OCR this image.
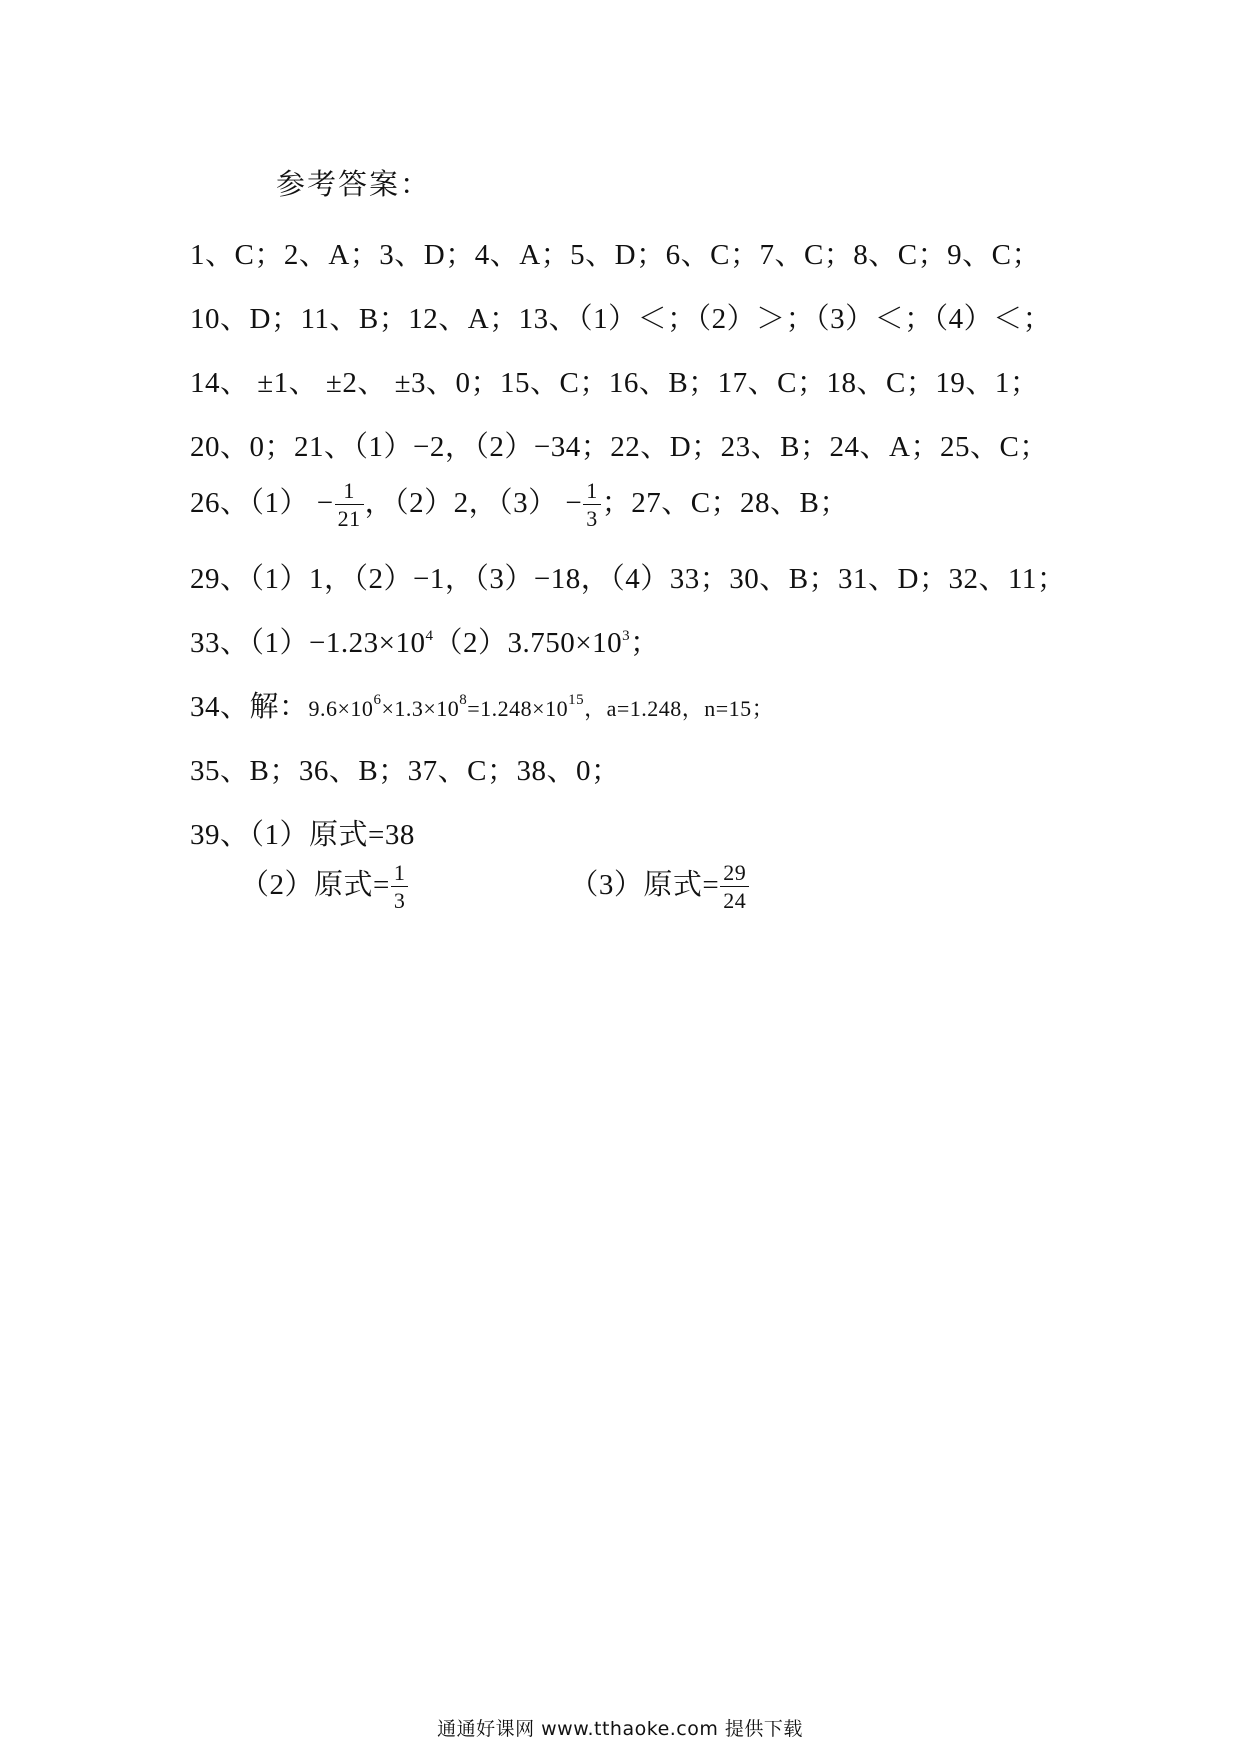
参考答案：
1、C；2、A；3、D；4、A；5、D；6、C；7、C；8、C；9、C；
10、D；11、B；12、A；13、（1）＜；（2）＞；（3）＜；（4）＜；
14、 ±1、 ±2、 ±3、0；15、C；16、B；17、C；18、C；19、1；
20、0；21、（1）−2，（2）−34；22、D；23、B；24、A；25、C；
26、$(1) - \frac{1}{21}$ ，（2）2，$(3) - \frac{1}{3}$ ；27、C；28、B；
29、（1）1，（2）−1，（3）−18，（4）33；30、B；31、D；32、11；
33、$(1)-1.23\times 10^4(2)3.750\times 10^3$；
34、解：$9.6\times 10^6\times 1.3\times 10^8=1.248\times 10^{15}$，a=1.248，n=15；
35、B；36、B；37、C；38、0；
39、（1）原式=38
（2）原式= $\frac{1}{3}$	（3）原式= $\frac{29}{24}$
通通好课网 www.tthaoke.com 提供下载
